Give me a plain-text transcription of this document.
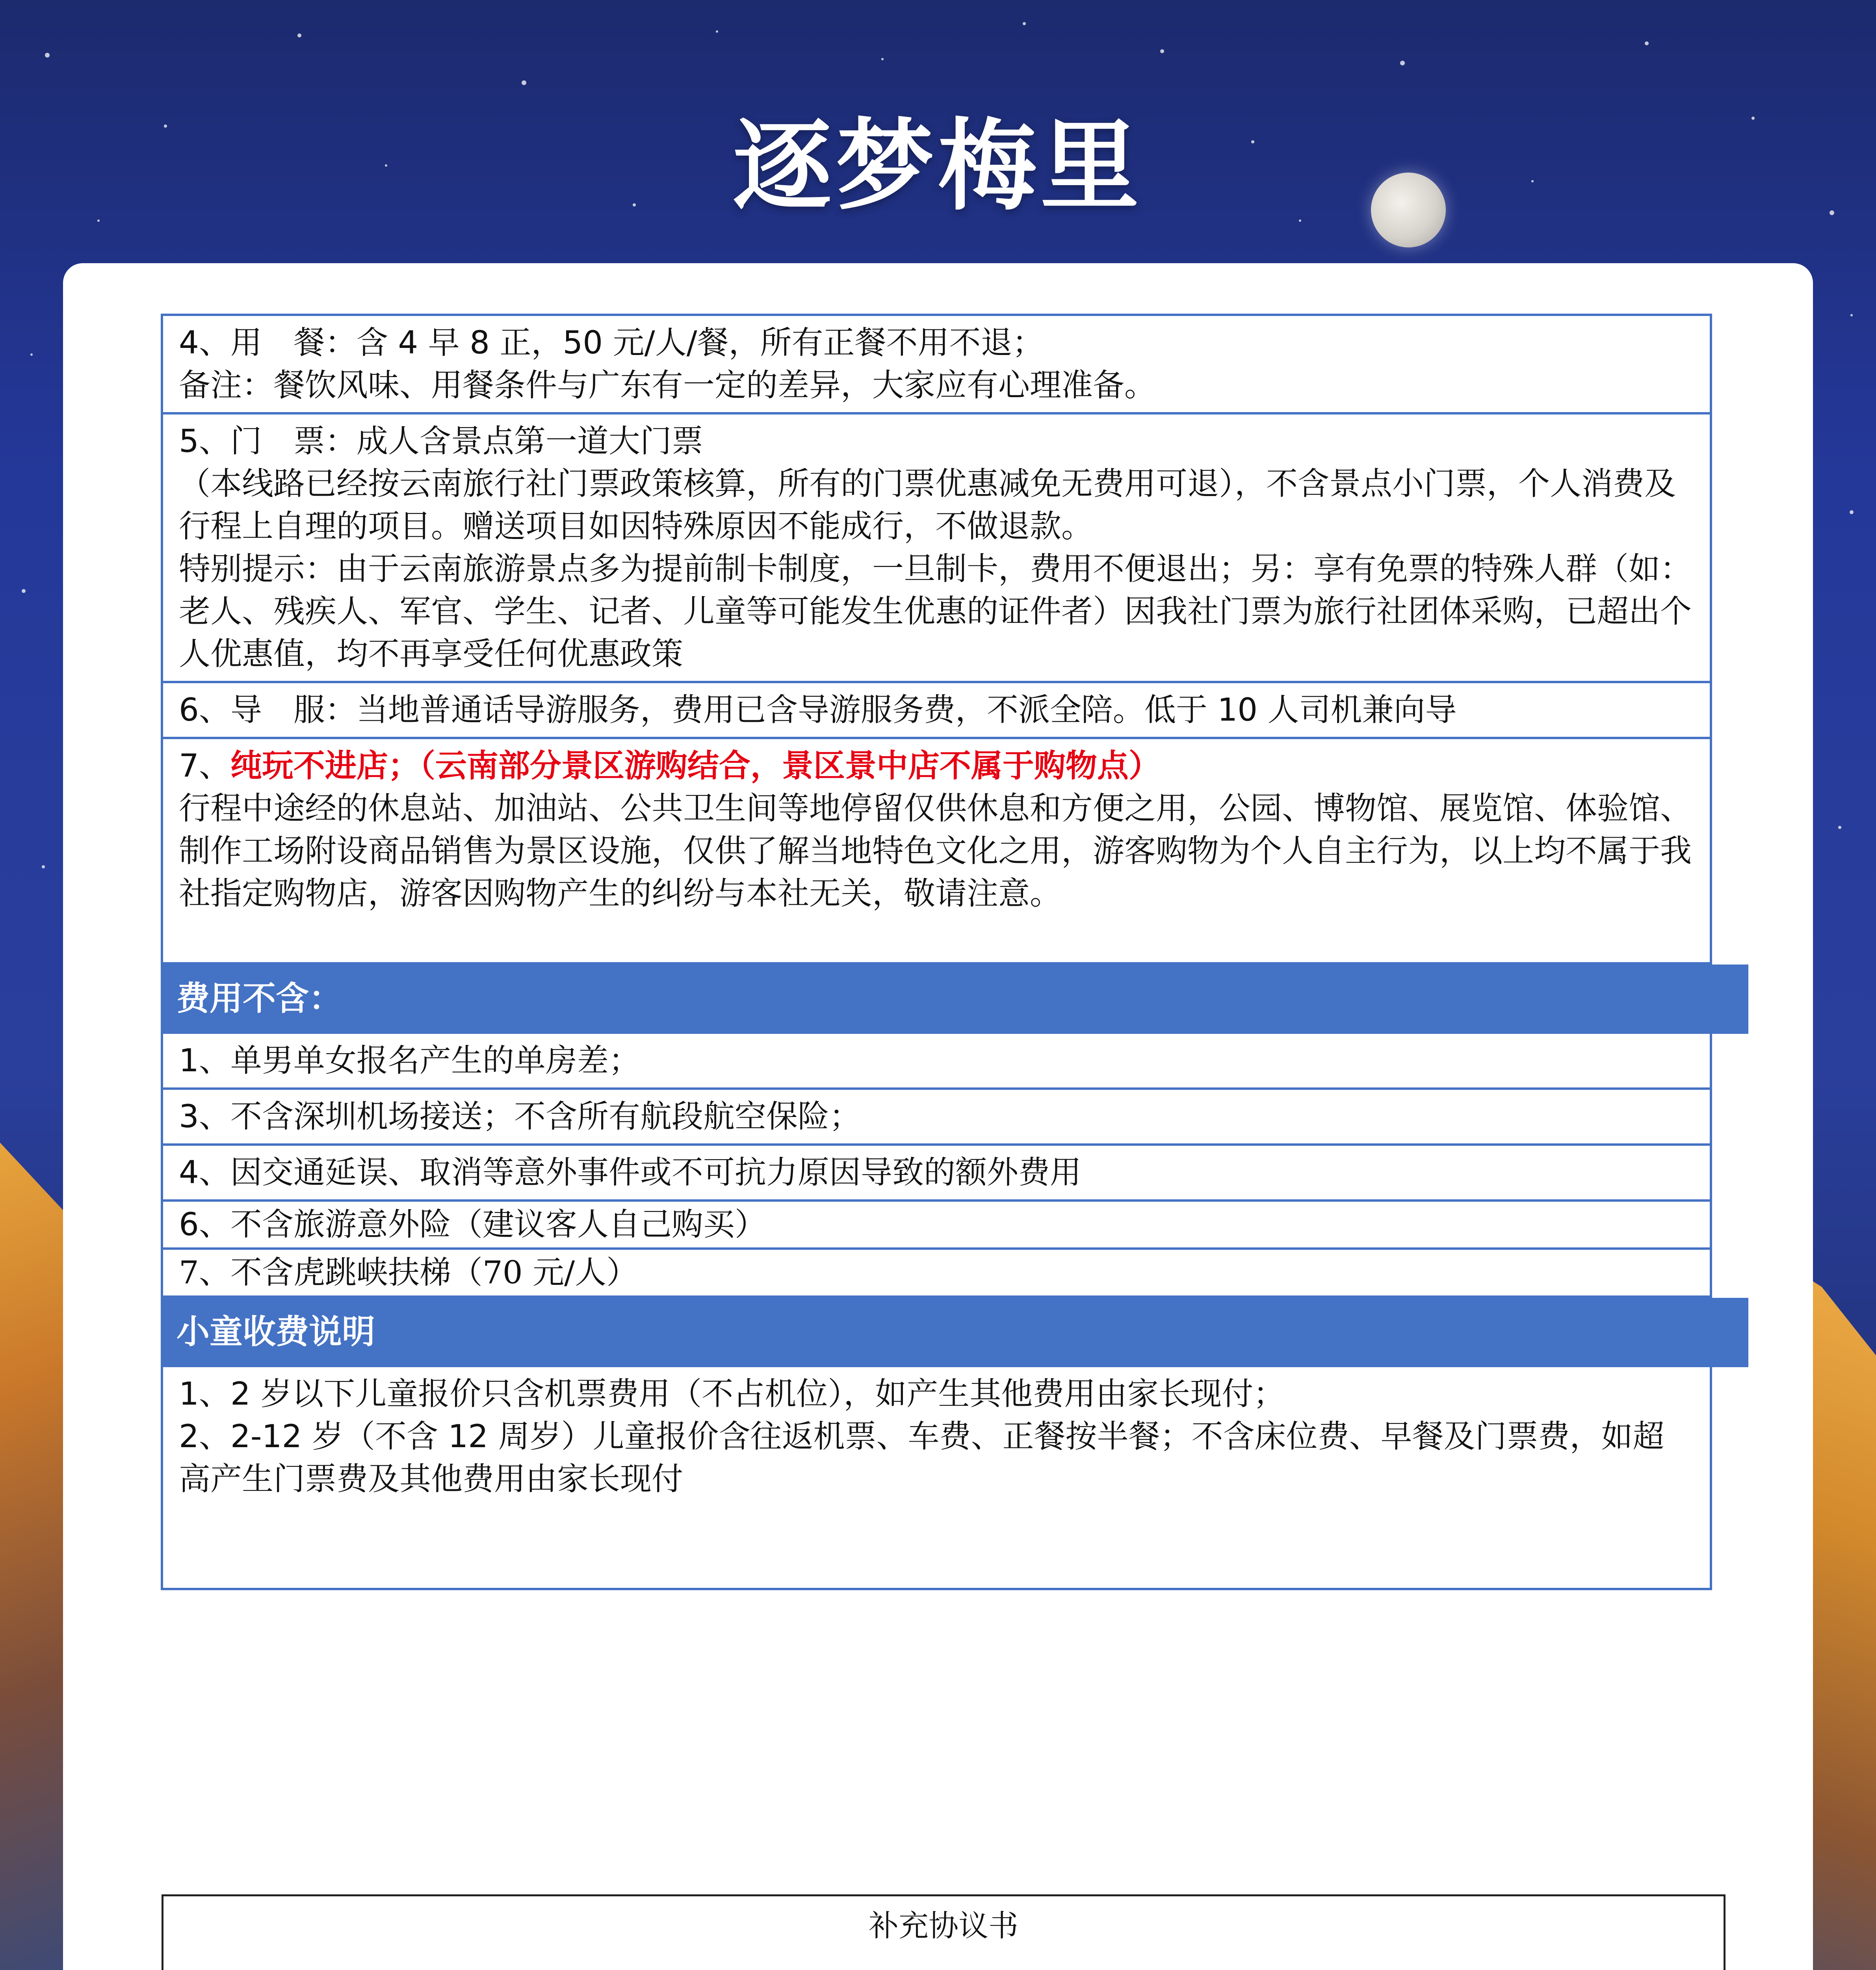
逐梦梅里
4、用　餐：含 4 早 8 正，50 元/人/餐，所有正餐不用不退；
备注：餐饮风味、用餐条件与广东有一定的差异，大家应有心理准备。
5、门　票：成人含景点第一道大门票
（本线路已经按云南旅行社门票政策核算，所有的门票优惠减免无费用可退），不含景点小门票，个人消费及行程上自理的项目。赠送项目如因特殊原因不能成行，不做退款。
特别提示：由于云南旅游景点多为提前制卡制度，一旦制卡，费用不便退出；另：享有免票的特殊人群（如：老人、残疾人、军官、学生、记者、儿童等可能发生优惠的证件者）因我社门票为旅行社团体采购，已超出个人优惠值，均不再享受任何优惠政策
6、导　服：当地普通话导游服务，费用已含导游服务费，不派全陪。低于 10 人司机兼向导
7、纯玩不进店；（云南部分景区游购结合，景区景中店不属于购物点）
行程中途经的休息站、加油站、公共卫生间等地停留仅供休息和方便之用，公园、博物馆、展览馆、体验馆、制作工场附设商品销售为景区设施，仅供了解当地特色文化之用，游客购物为个人自主行为，以上均不属于我社指定购物店，游客因购物产生的纠纷与本社无关，敬请注意。
费用不含：
1、单男单女报名产生的单房差；
3、不含深圳机场接送；不含所有航段航空保险；
4、因交通延误、取消等意外事件或不可抗力原因导致的额外费用
6、不含旅游意外险（建议客人自己购买）
7、不含虎跳峡扶梯（70 元/人）
小童收费说明
1、2 岁以下儿童报价只含机票费用（不占机位），如产生其他费用由家长现付；
2、2-12 岁（不含 12 周岁）儿童报价含往返机票、车费、正餐按半餐；不含床位费、早餐及门票费，如超高产生门票费及其他费用由家长现付
补充协议书
